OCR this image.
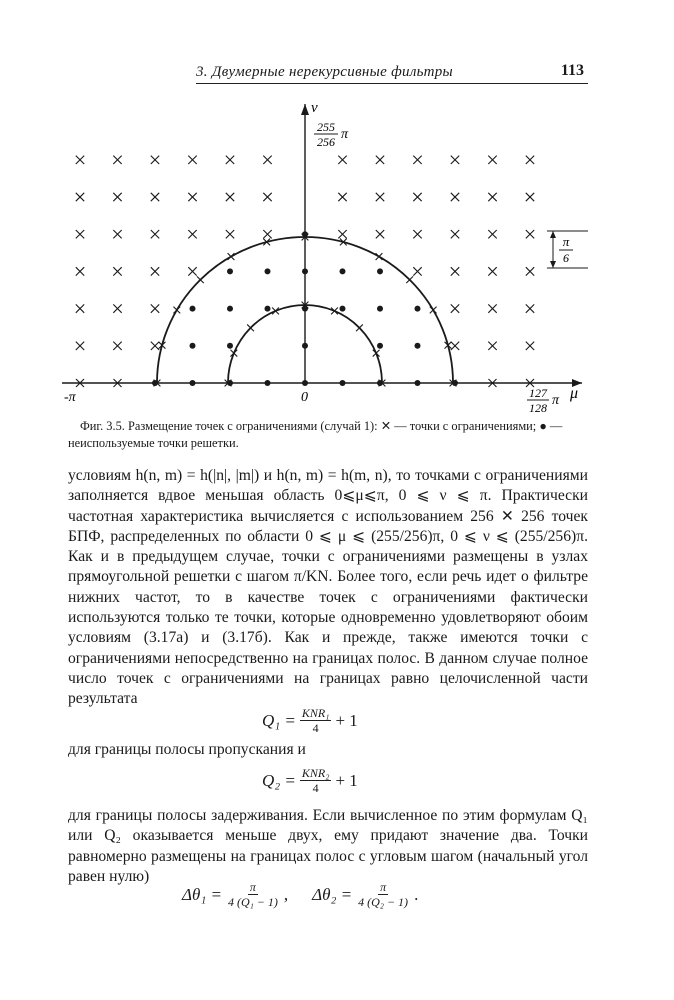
3. Двумерные нерекурсивные фильтры	113
π
6
ν
255
256 π
-π	0	127
128 π μ
Фиг. 3.5. Размещение точек с ограничениями (случай 1): ✕ — точки с ограничениями; ● — неиспользуемые точки решетки.
условиям h(n, m) = h(|n|, |m|) и h(n, m) = h(m, n), то точками с ограничениями заполняется вдвое меньшая область 0⩽μ⩽π, 0 ⩽ ν ⩽ π. Практически частотная характеристика вычисляется с использованием 256 ✕ 256 точек БПФ, распределенных по области 0 ⩽ μ ⩽ (255/256)π, 0 ⩽ ν ⩽ (255/256)π. Как и в предыдущем случае, точки с ограничениями размещены в узлах прямоугольной решетки с шагом π/KN. Более того, если речь идет о фильтре нижних частот, то в качестве точек с ограничениями фактически используются только те точки, которые одновременно удовлетворяют обоим условиям (3.17а) и (3.17б). Как и прежде, также имеются точки с ограничениями непосредственно на границах полос. В данном случае полное число точек с ограничениями на границах равно целочисленной части результата
$Q_1 = \frac{\text{KNR₁}}{4} + 1$
для границы полосы пропускания и
$Q_2 = \frac{\text{KNR₂}}{4} + 1$
для границы полосы задерживания. Если вычисленное по этим формулам Q₁ или Q₂ оказывается меньше двух, ему придают значение два. Точки равномерно размещены на границах полос с угловым шагом (начальный угол равен нулю)
$\Delta\theta_1 = \frac{\pi}{\text{4 (Q₁ − 1)}}$ , $\Delta\theta_2 = \frac{\pi}{\text{4 (Q₂ − 1)}}$ .
